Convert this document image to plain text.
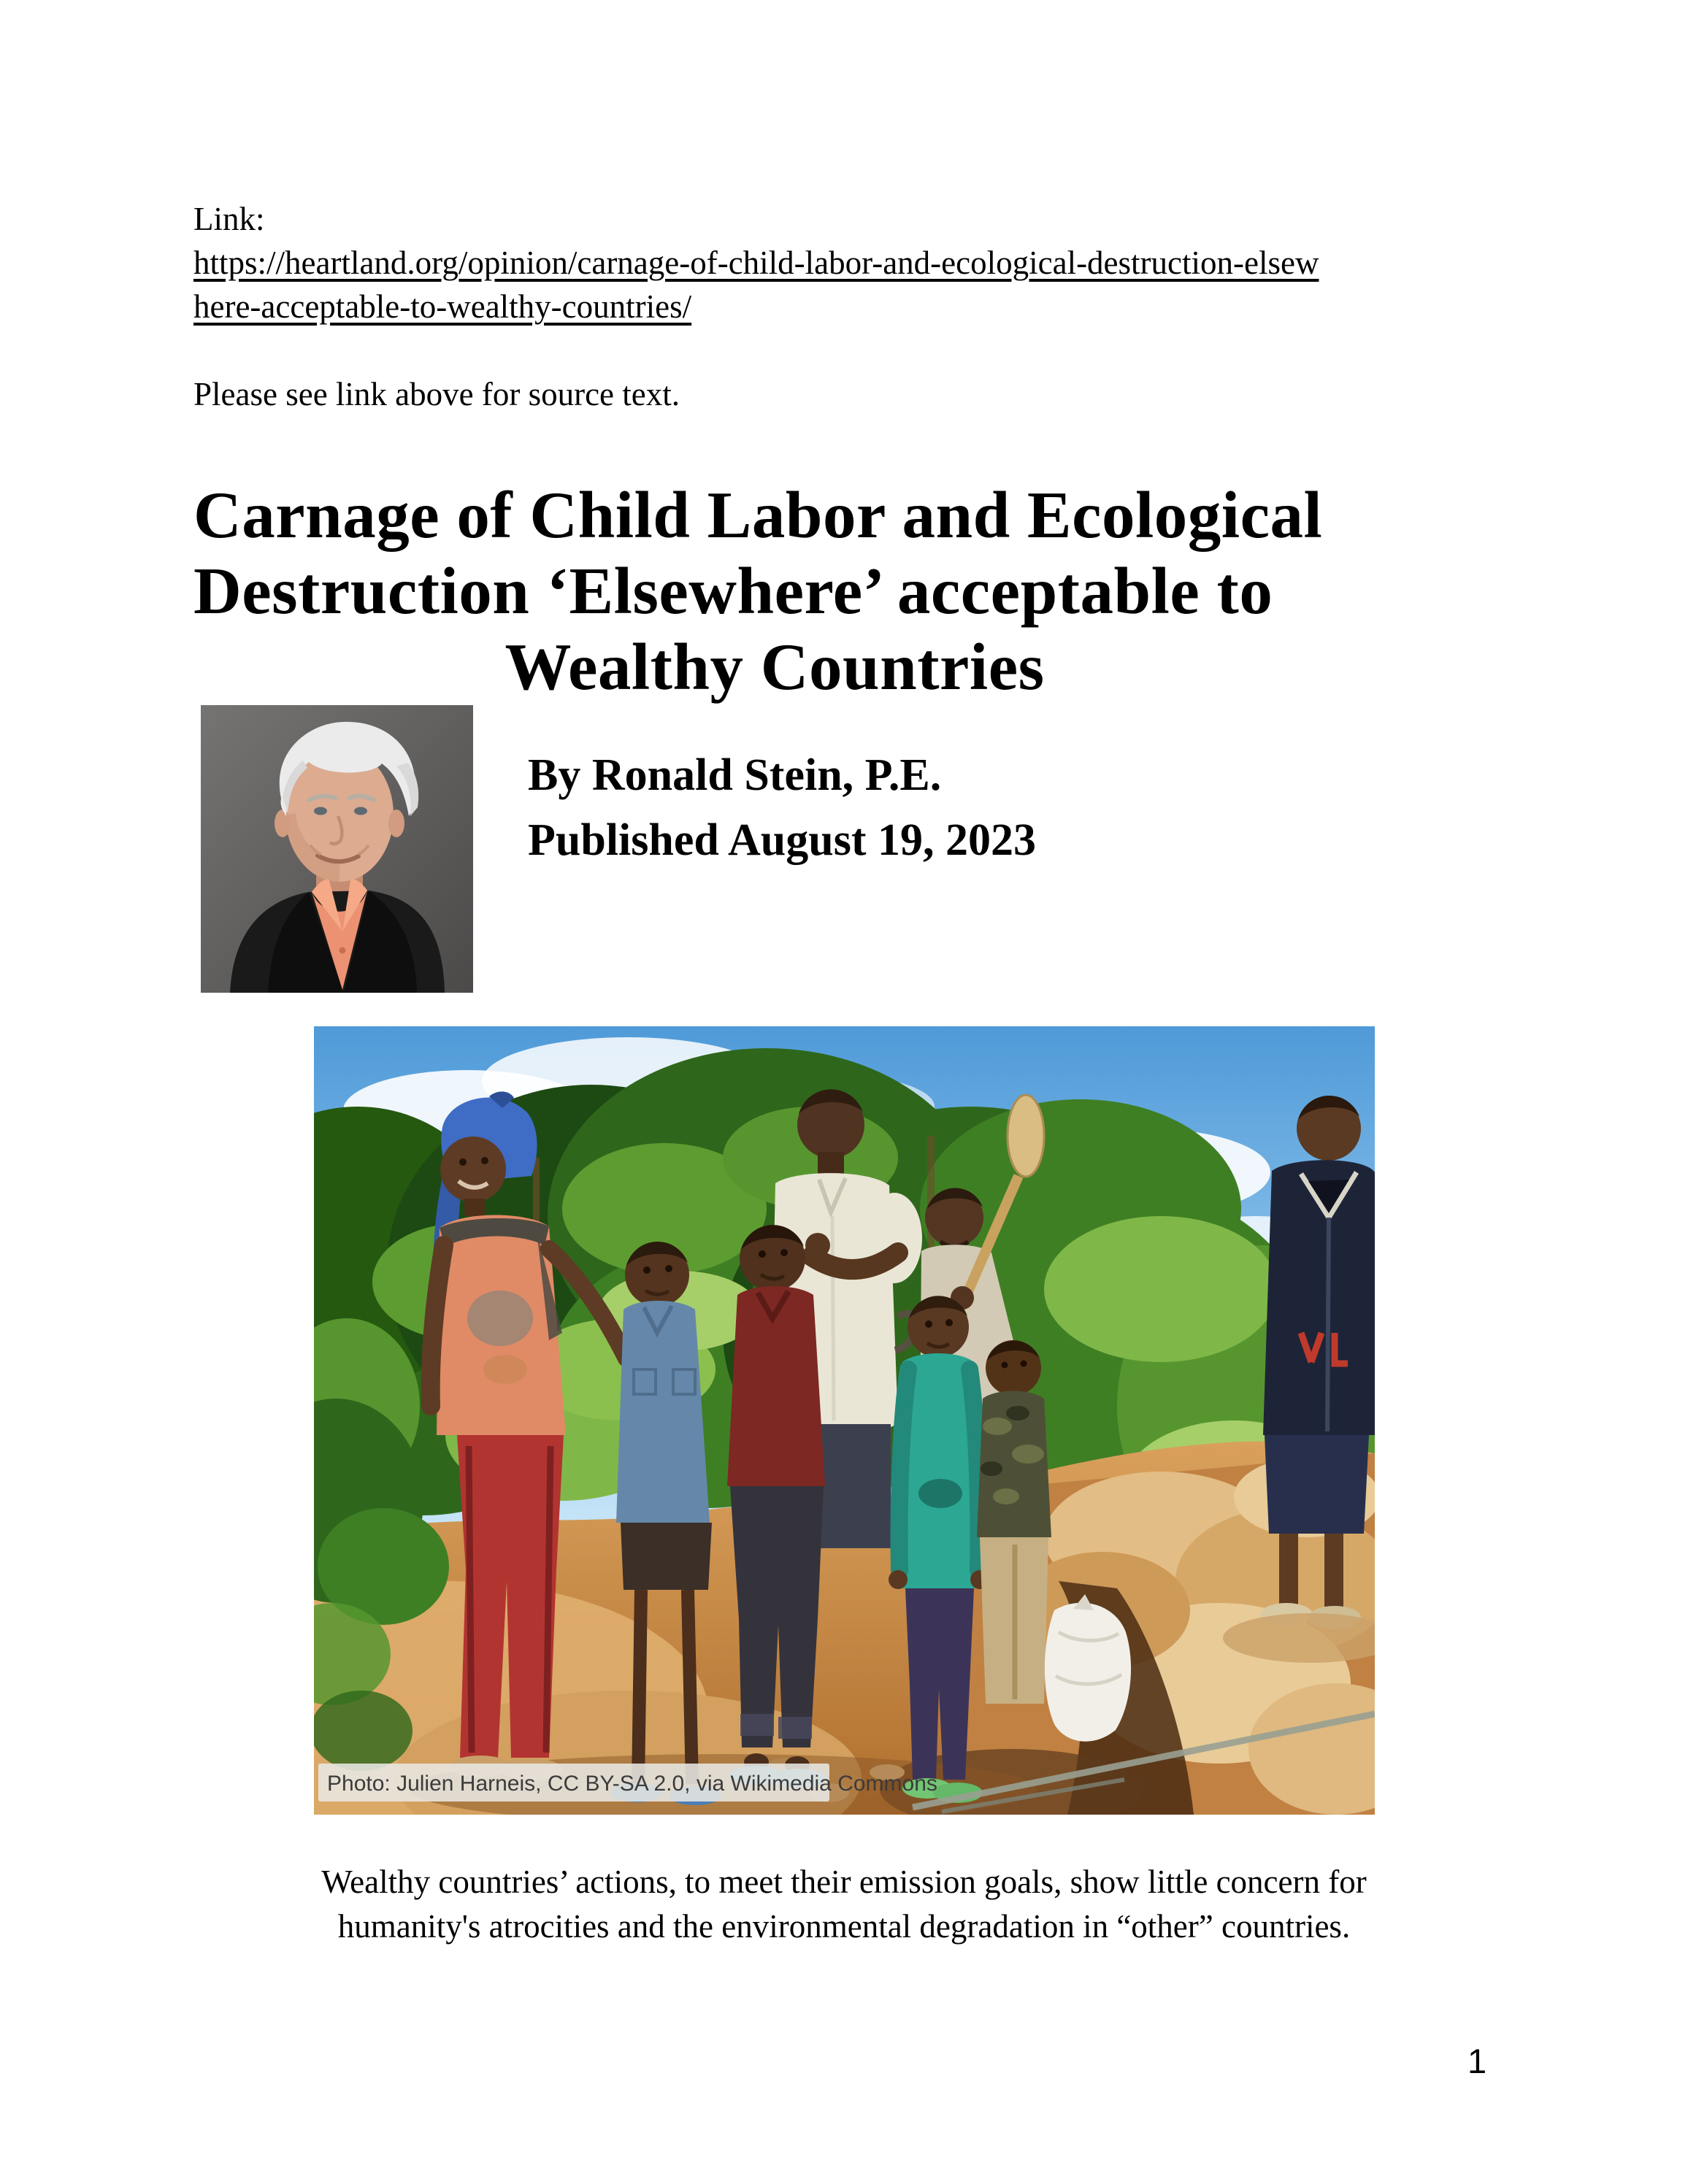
Link:
https://heartland.org/opinion/carnage-of-child-labor-and-ecological-destruction-elsew
here-acceptable-to-wealthy-countries/
Please see link above for source text.
Carnage of Child Labor and Ecological
Destruction ‘Elsewhere’ acceptable to
Wealthy Countries

By Ronald Stein, P.E.

Published August 19, 2023

Photo: Julien Harneis, CC BY-SA 2.0, via Wikimedia Commons

Wealthy countries’ actions, to meet their emission goals, show little concern for
humanity's atrocities and the environmental degradation in “other” countries.

1
